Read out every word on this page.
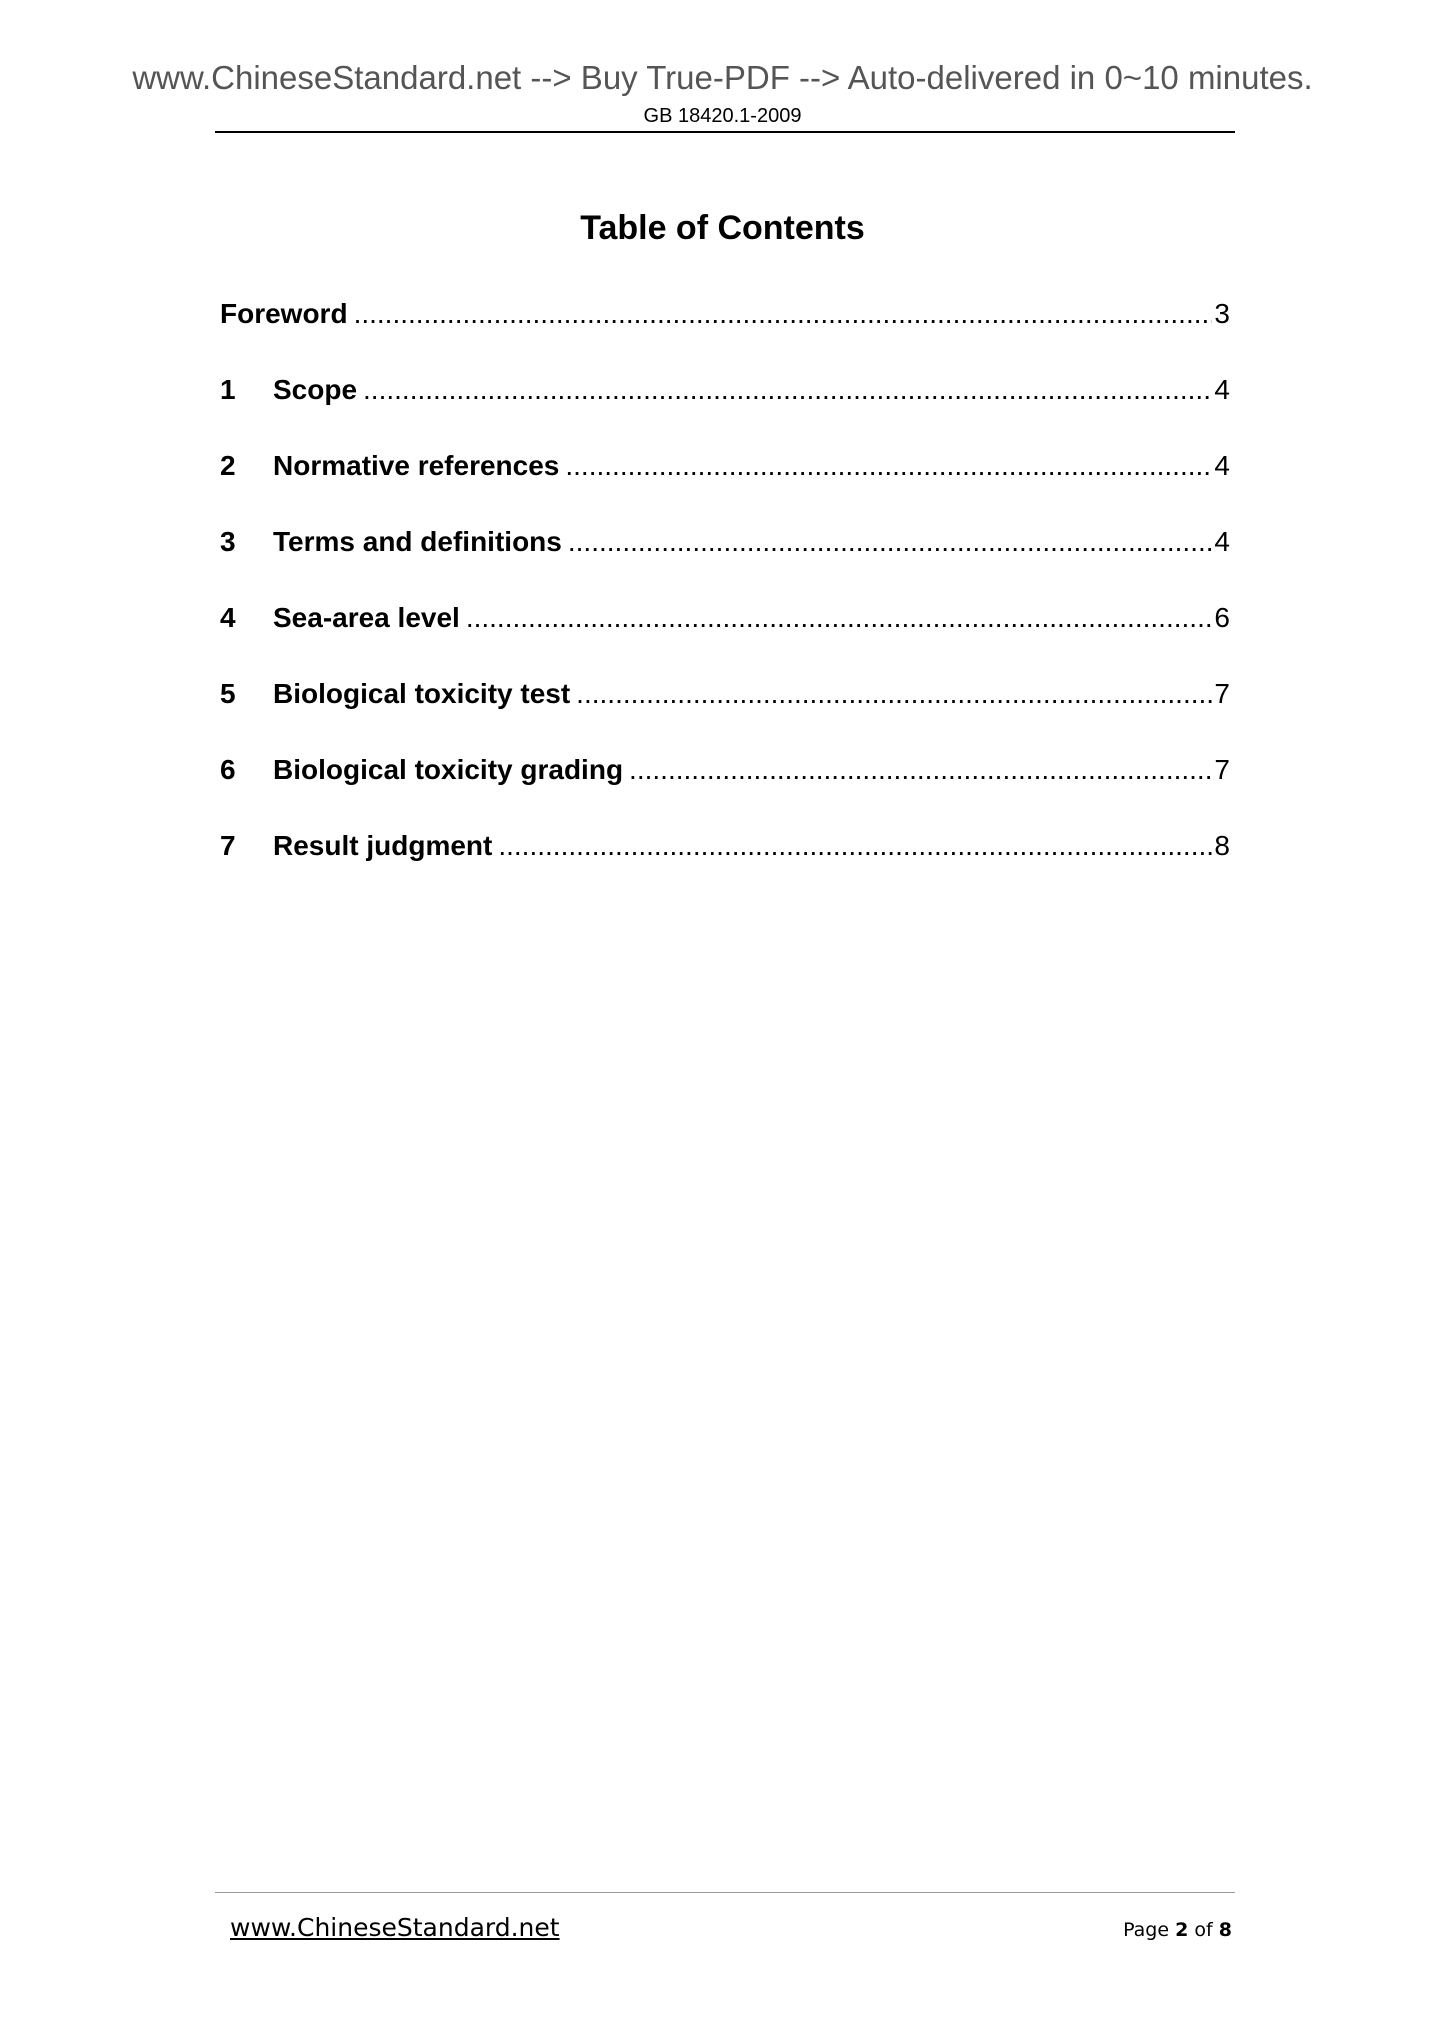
www.ChineseStandard.net --> Buy True-PDF --> Auto-delivered in 0~10 minutes.
GB 18420.1-2009
Table of Contents
Foreword .....	3
1	Scope .....	4
2	Normative references .....	4
3	Terms and definitions .....	4
4	Sea-area level .....	6
5	Biological toxicity test .....	7
6	Biological toxicity grading .....	7
7	Result judgment .....	8
www.ChineseStandard.net	Page 2 of 8
